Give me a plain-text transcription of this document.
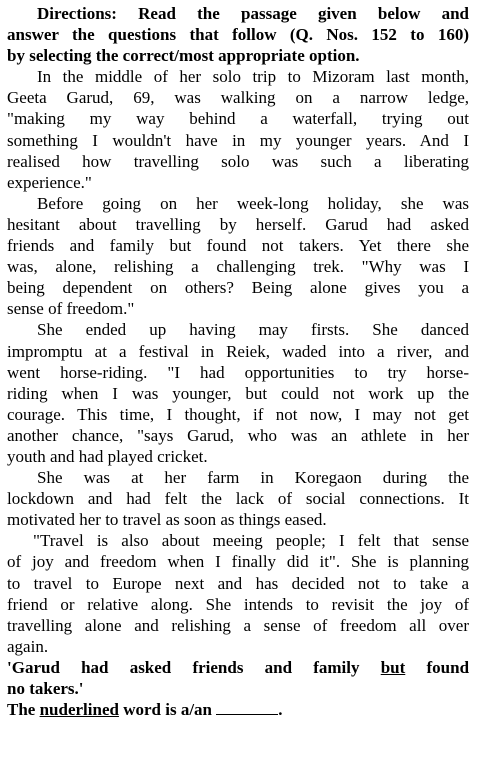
Directions: Read the passage given below and
answer the questions that follow (Q. Nos. 152 to 160)
by selecting the correct/most appropriate option.
In the middle of her solo trip to Mizoram last month,
Geeta Garud, 69, was walking on a narrow ledge,
"making my way behind a waterfall, trying out
something I wouldn't have in my younger years. And I
realised how travelling solo was such a liberating
experience."
Before going on her week-long holiday, she was
hesitant about travelling by herself. Garud had asked
friends and family but found not takers. Yet there she
was, alone, relishing a challenging trek. "Why was I
being dependent on others? Being alone gives you a
sense of freedom."
She ended up having may firsts. She danced
impromptu at a festival in Reiek, waded into a river, and
went horse-riding. "I had opportunities to try horse-
riding when I was younger, but could not work up the
courage. This time, I thought, if not now, I may not get
another chance, "says Garud, who was an athlete in her
youth and had played cricket.
She was at her farm in Koregaon during the
lockdown and had felt the lack of social connections. It
motivated her to travel as soon as things eased.
"Travel is also about meeing people; I felt that sense
of joy and freedom when I finally did it". She is planning
to travel to Europe next and has decided not to take a
friend or relative along. She intends to revisit the joy of
travelling alone and relishing a sense of freedom all over
again.
'Garud had asked friends and family but found
no takers.'
The nuderlined word is a/an	.
